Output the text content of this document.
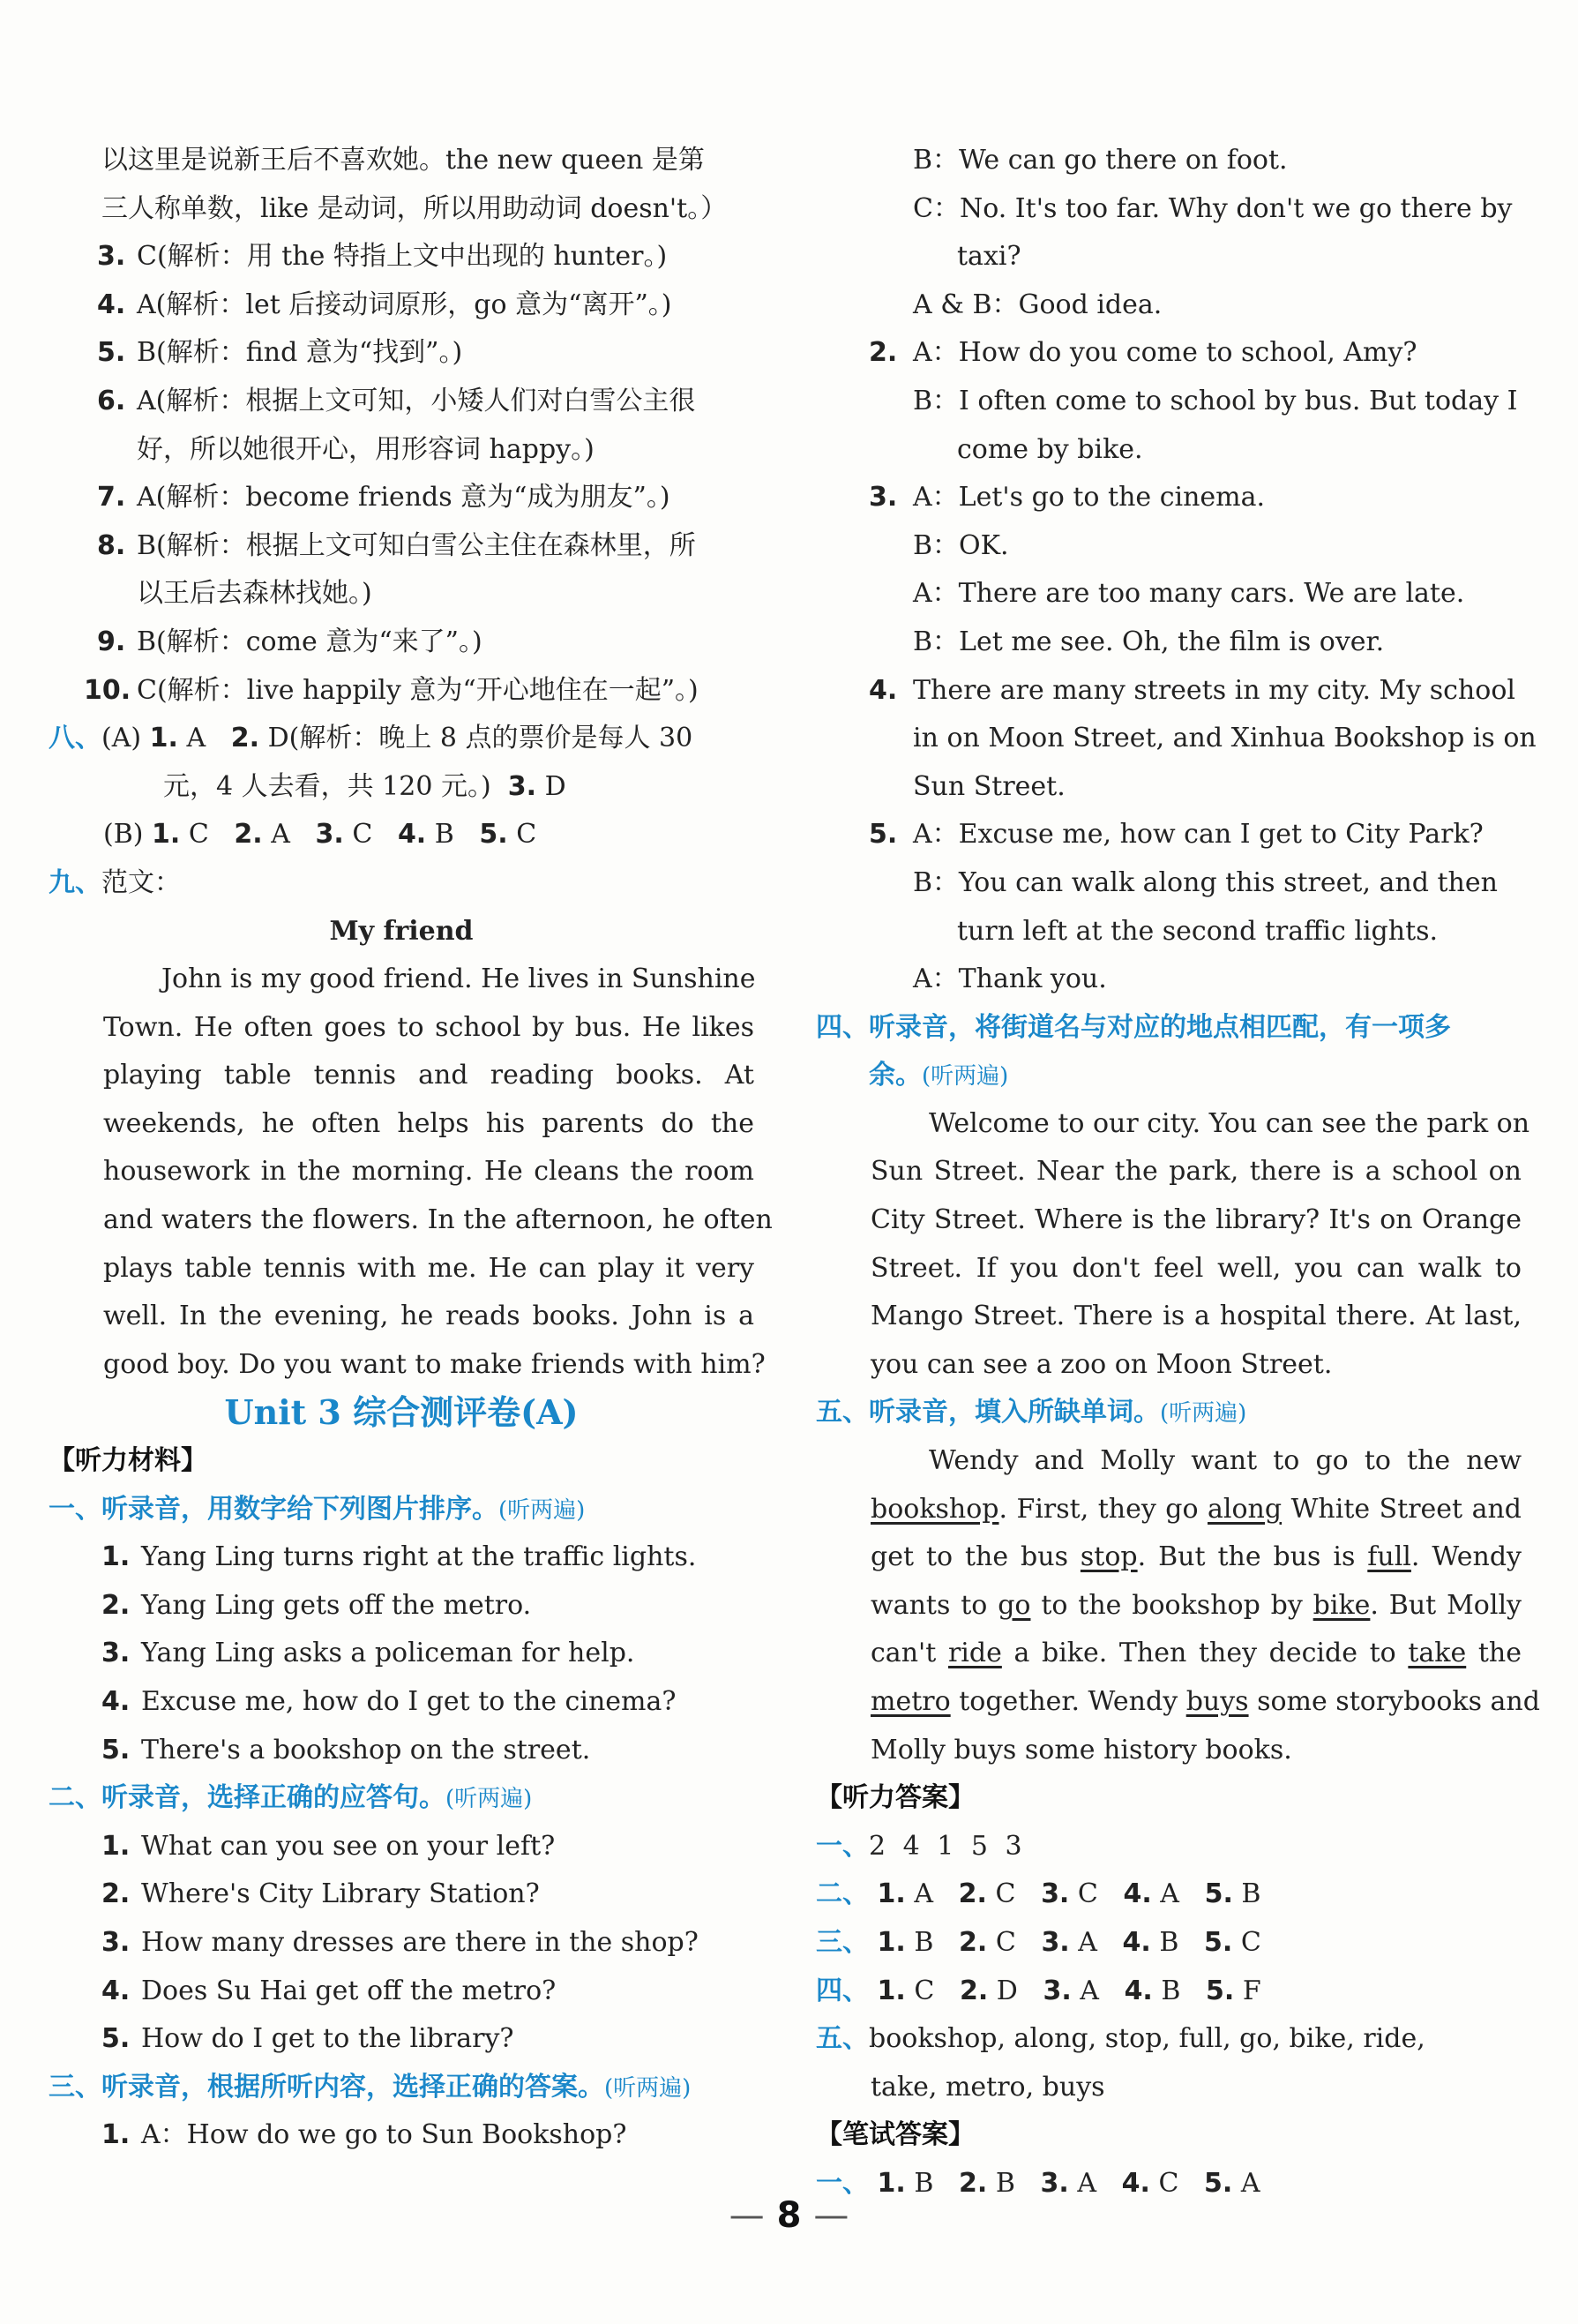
以这里是说新王后不喜欢她。the new queen 是第
三人称单数，like 是动词，所以用助动词 doesn't。）
3. C(解析：用 the 特指上文中出现的 hunter。)
4. A(解析：let 后接动词原形，go 意为“离开”。)
5. B(解析：find 意为“找到”。)
6. A(解析：根据上文可知，小矮人们对白雪公主很
好，所以她很开心，用形容词 happy。)
7. A(解析：become friends 意为“成为朋友”。)
8. B(解析：根据上文可知白雪公主住在森林里，所
以王后去森林找她。)
9. B(解析：come 意为“来了”。)
10. C(解析：live happily 意为“开心地住在一起”。)
八、(A) 1. A 2. D(解析：晚上 8 点的票价是每人 30
元，4 人去看，共 120 元。) 3. D
(B) 1. C 2. A 3. C 4. B 5. C
九、范文：
My friend
John is my good friend. He lives in Sunshine
Town. He often goes to school by bus. He likes
playing table tennis and reading books. At
weekends, he often helps his parents do the
housework in the morning. He cleans the room
and waters the flowers. In the afternoon, he often
plays table tennis with me. He can play it very
well. In the evening, he reads books. John is a
good boy. Do you want to make friends with him?
Unit 3 综合测评卷(A)
【听力材料】
一、听录音，用数字给下列图片排序。(听两遍)
1. Yang Ling turns right at the traffic lights.
2. Yang Ling gets off the metro.
3. Yang Ling asks a policeman for help.
4. Excuse me, how do I get to the cinema?
5. There's a bookshop on the street.
二、听录音，选择正确的应答句。(听两遍)
1. What can you see on your left?
2. Where's City Library Station?
3. How many dresses are there in the shop?
4. Does Su Hai get off the metro?
5. How do I get to the library?
三、听录音，根据所听内容，选择正确的答案。(听两遍)
1. A：How do we go to Sun Bookshop?
B：We can go there on foot.
C：No. It's too far. Why don't we go there by
taxi?
A & B：Good idea.
2. A：How do you come to school, Amy?
B：I often come to school by bus. But today I
come by bike.
3. A：Let's go to the cinema.
B：OK.
A：There are too many cars. We are late.
B：Let me see. Oh, the film is over.
4. There are many streets in my city. My school
in on Moon Street, and Xinhua Bookshop is on
Sun Street.
5. A：Excuse me, how can I get to City Park?
B：You can walk along this street, and then
turn left at the second traffic lights.
A：Thank you.
四、听录音，将街道名与对应的地点相匹配，有一项多
余。(听两遍)
Welcome to our city. You can see the park on
Sun Street. Near the park, there is a school on
City Street. Where is the library? It's on Orange
Street. If you don't feel well, you can walk to
Mango Street. There is a hospital there. At last,
you can see a zoo on Moon Street.
五、听录音，填入所缺单词。(听两遍)
Wendy and Molly want to go to the new
bookshop. First, they go along White Street and
get to the bus stop. But the bus is full. Wendy
wants to go to the bookshop by bike. But Molly
can't ride a bike. Then they decide to take the
metro together. Wendy buys some storybooks and
Molly buys some history books.
【听力答案】
一、2 4 1 5 3
二、 1. A 2. C 3. C 4. A 5. B
三、 1. B 2. C 3. A 4. B 5. C
四、 1. C 2. D 3. A 4. B 5. F
五、bookshop, along, stop, full, go, bike, ride,
take, metro, buys
【笔试答案】
一、 1. B 2. B 3. A 4. C 5. A
— 8 —
